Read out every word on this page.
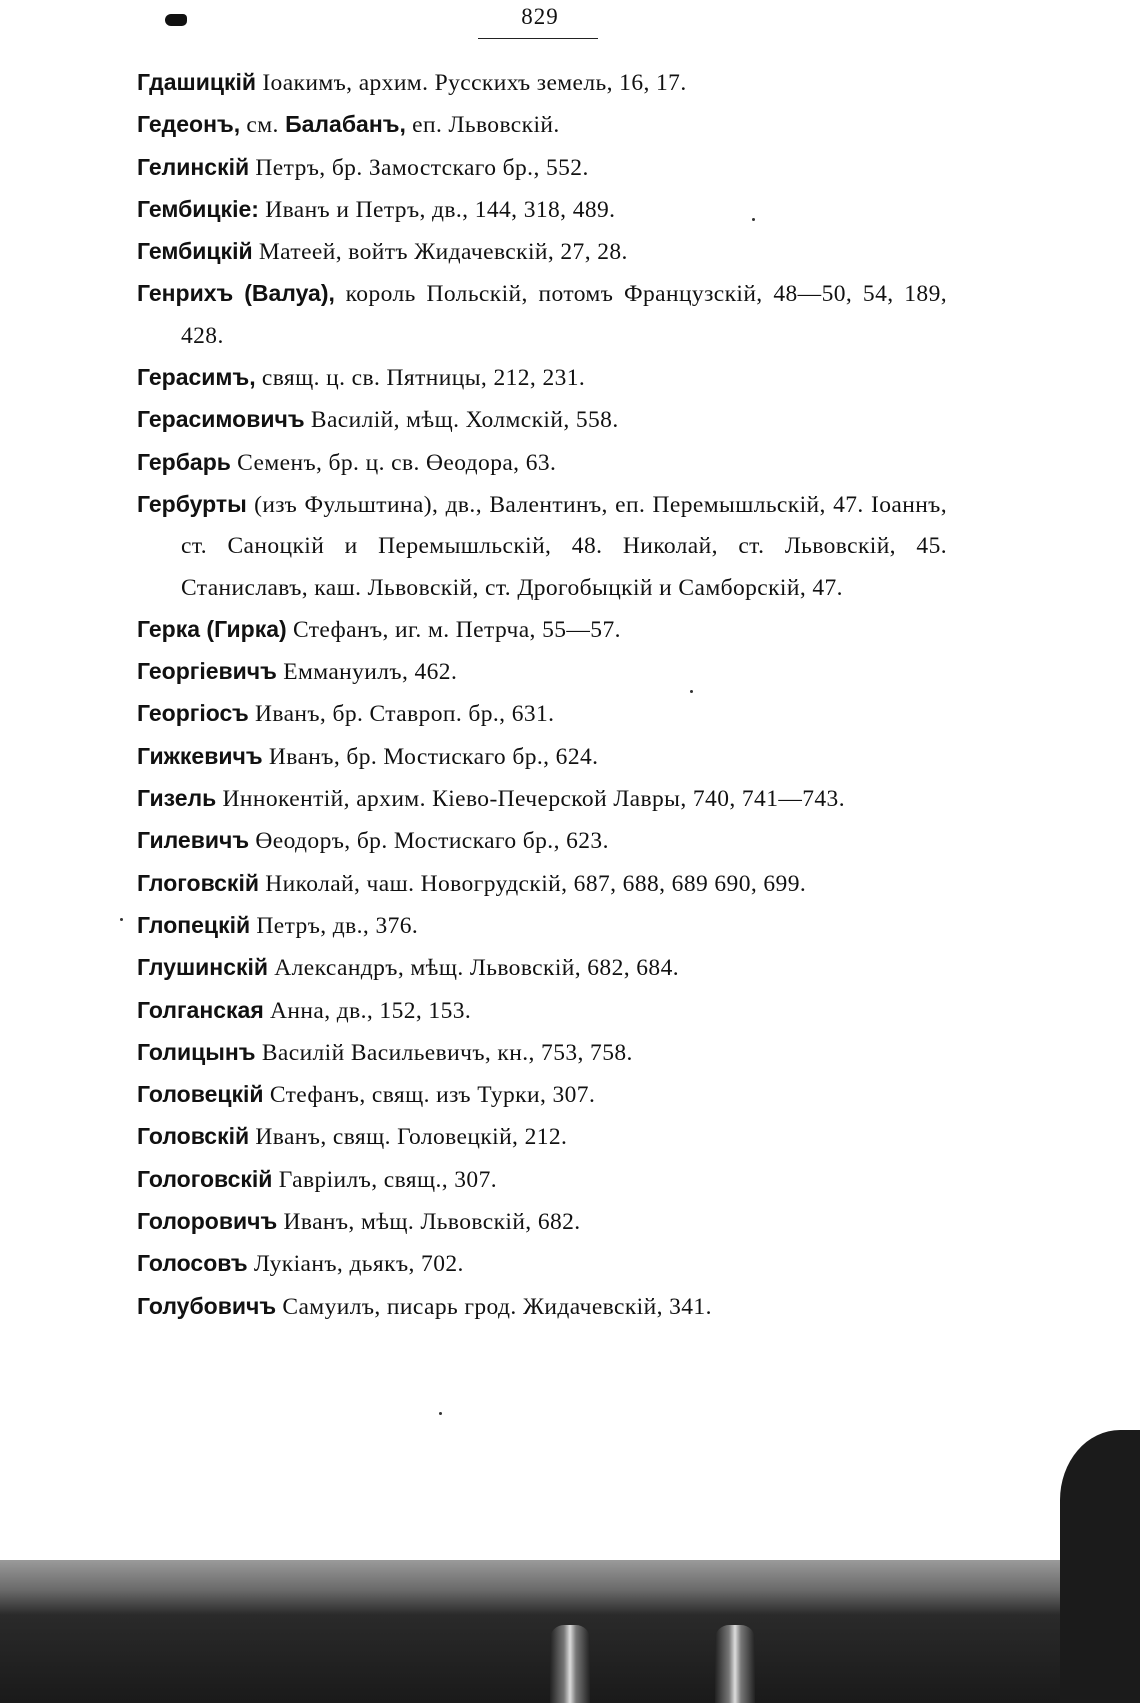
829
Гдашицкій Іоакимъ, архим. Русскихъ земель, 16, 17.
Гедеонъ, см. Балабанъ, еп. Львовскій.
Гелинскій Петръ, бр. Замостскаго бр., 552.
Гембицкіе: Иванъ и Петръ, дв., 144, 318, 489.
Гембицкій Матеей, войтъ Жидачевскій, 27, 28.
Генрихъ (Валуа), король Польскій, потомъ Французскій, 48—50, 54, 189, 428.
Герасимъ, свящ. ц. св. Пятницы, 212, 231.
Герасимовичъ Василій, мѣщ. Холмскій, 558.
Гербарь Семенъ, бр. ц. св. Өеодора, 63.
Гербурты (изъ Фульштина), дв., Валентинъ, еп. Перемышльскій, 47. Іоаннъ, ст. Саноцкій и Перемышльскій, 48. Николай, ст. Львовскій, 45. Станиславъ, каш. Львовскій, ст. Дрогобыцкій и Самборскій, 47.
Герка (Гирка) Стефанъ, иг. м. Петрча, 55—57.
Георгіевичъ Еммануилъ, 462.
Георгіосъ Иванъ, бр. Ставроп. бр., 631.
Гижкевичъ Иванъ, бр. Мостискаго бр., 624.
Гизель Иннокентій, архим. Кіево-Печерской Лавры, 740, 741—743.
Гилевичъ Өеодоръ, бр. Мостискаго бр., 623.
Глоговскій Николай, чаш. Новогрудскій, 687, 688, 689 690, 699.
Глопецкій Петръ, дв., 376.
Глушинскій Александръ, мѣщ. Львовскій, 682, 684.
Голганская Анна, дв., 152, 153.
Голицынъ Василій Васильевичъ, кн., 753, 758.
Головецкій Стефанъ, свящ. изъ Турки, 307.
Головскій Иванъ, свящ. Головецкій, 212.
Гологовскій Гавріилъ, свящ., 307.
Голоровичъ Иванъ, мѣщ. Львовскій, 682.
Голосовъ Лукіанъ, дьякъ, 702.
Голубовичъ Самуилъ, писарь грод. Жидачевскій, 341.
